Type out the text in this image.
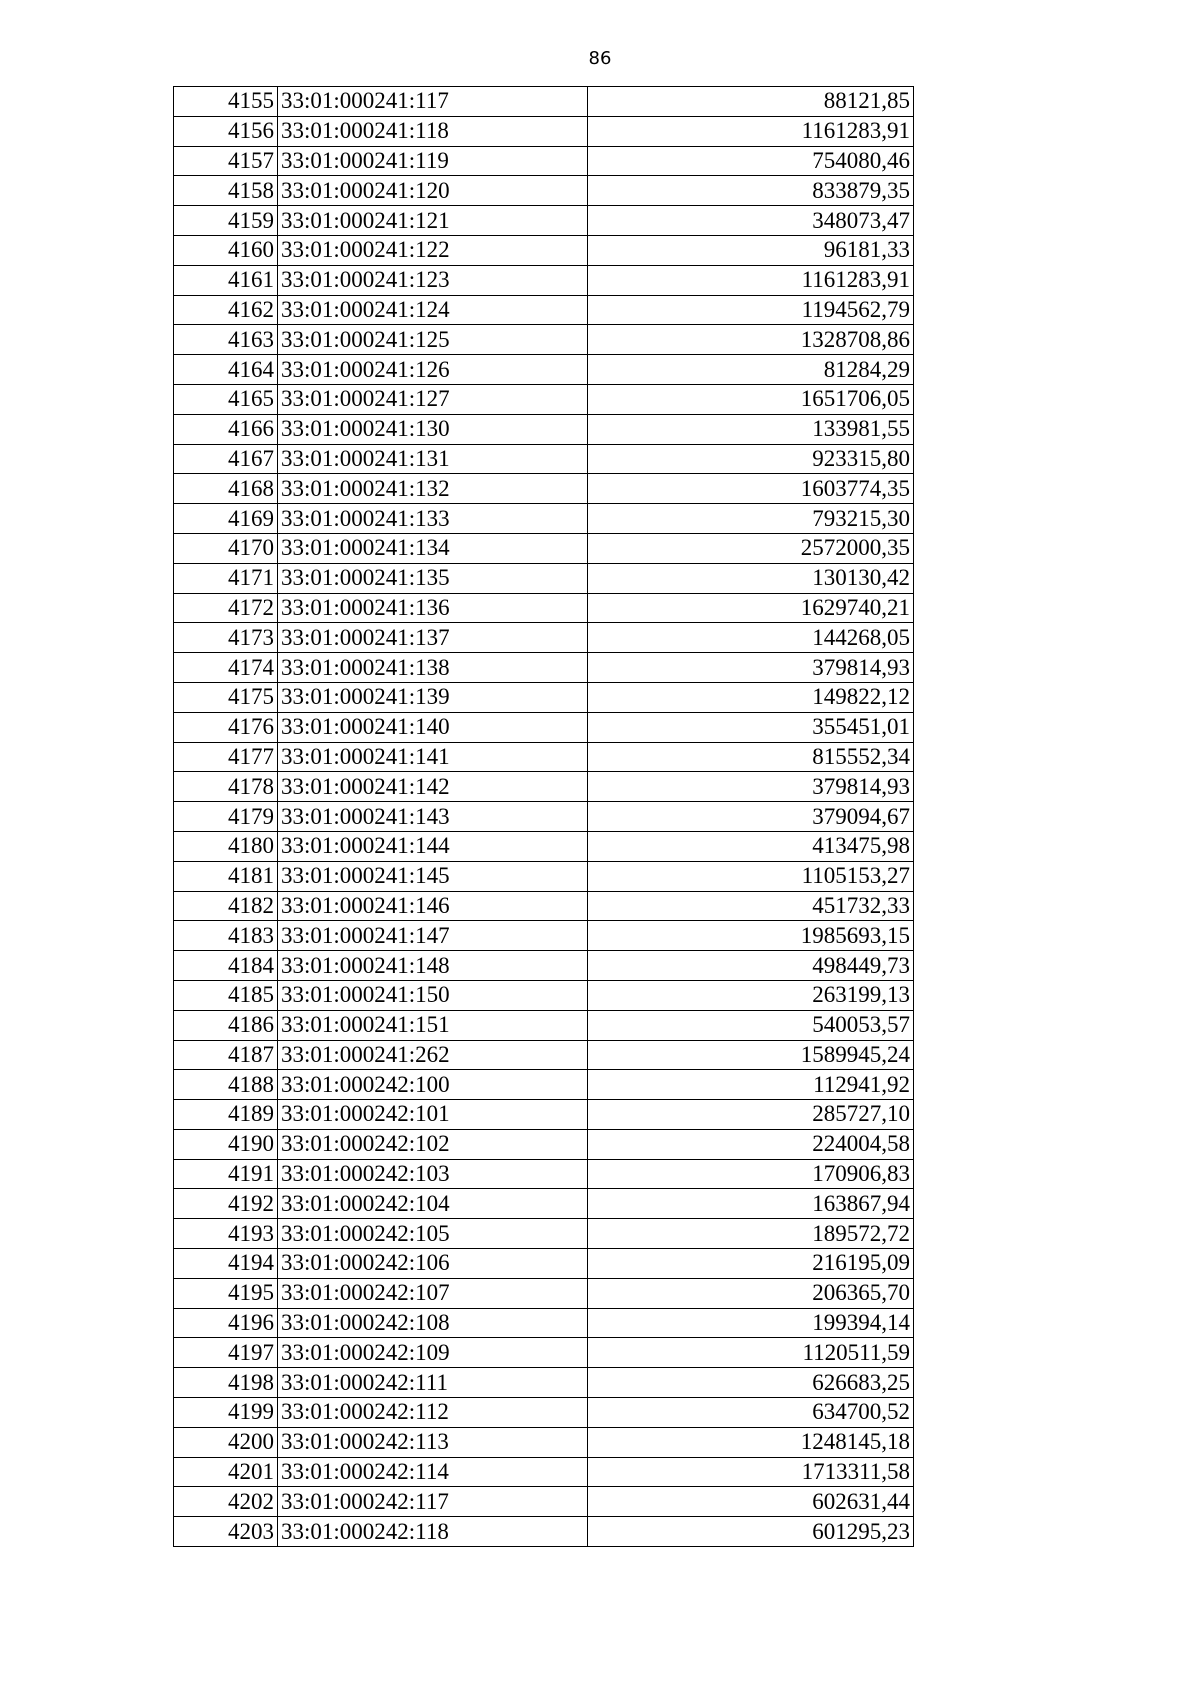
86
4155	33:01:000241:117	88121,85
4156	33:01:000241:118	1161283,91
4157	33:01:000241:119	754080,46
4158	33:01:000241:120	833879,35
4159	33:01:000241:121	348073,47
4160	33:01:000241:122	96181,33
4161	33:01:000241:123	1161283,91
4162	33:01:000241:124	1194562,79
4163	33:01:000241:125	1328708,86
4164	33:01:000241:126	81284,29
4165	33:01:000241:127	1651706,05
4166	33:01:000241:130	133981,55
4167	33:01:000241:131	923315,80
4168	33:01:000241:132	1603774,35
4169	33:01:000241:133	793215,30
4170	33:01:000241:134	2572000,35
4171	33:01:000241:135	130130,42
4172	33:01:000241:136	1629740,21
4173	33:01:000241:137	144268,05
4174	33:01:000241:138	379814,93
4175	33:01:000241:139	149822,12
4176	33:01:000241:140	355451,01
4177	33:01:000241:141	815552,34
4178	33:01:000241:142	379814,93
4179	33:01:000241:143	379094,67
4180	33:01:000241:144	413475,98
4181	33:01:000241:145	1105153,27
4182	33:01:000241:146	451732,33
4183	33:01:000241:147	1985693,15
4184	33:01:000241:148	498449,73
4185	33:01:000241:150	263199,13
4186	33:01:000241:151	540053,57
4187	33:01:000241:262	1589945,24
4188	33:01:000242:100	112941,92
4189	33:01:000242:101	285727,10
4190	33:01:000242:102	224004,58
4191	33:01:000242:103	170906,83
4192	33:01:000242:104	163867,94
4193	33:01:000242:105	189572,72
4194	33:01:000242:106	216195,09
4195	33:01:000242:107	206365,70
4196	33:01:000242:108	199394,14
4197	33:01:000242:109	1120511,59
4198	33:01:000242:111	626683,25
4199	33:01:000242:112	634700,52
4200	33:01:000242:113	1248145,18
4201	33:01:000242:114	1713311,58
4202	33:01:000242:117	602631,44
4203	33:01:000242:118	601295,23
